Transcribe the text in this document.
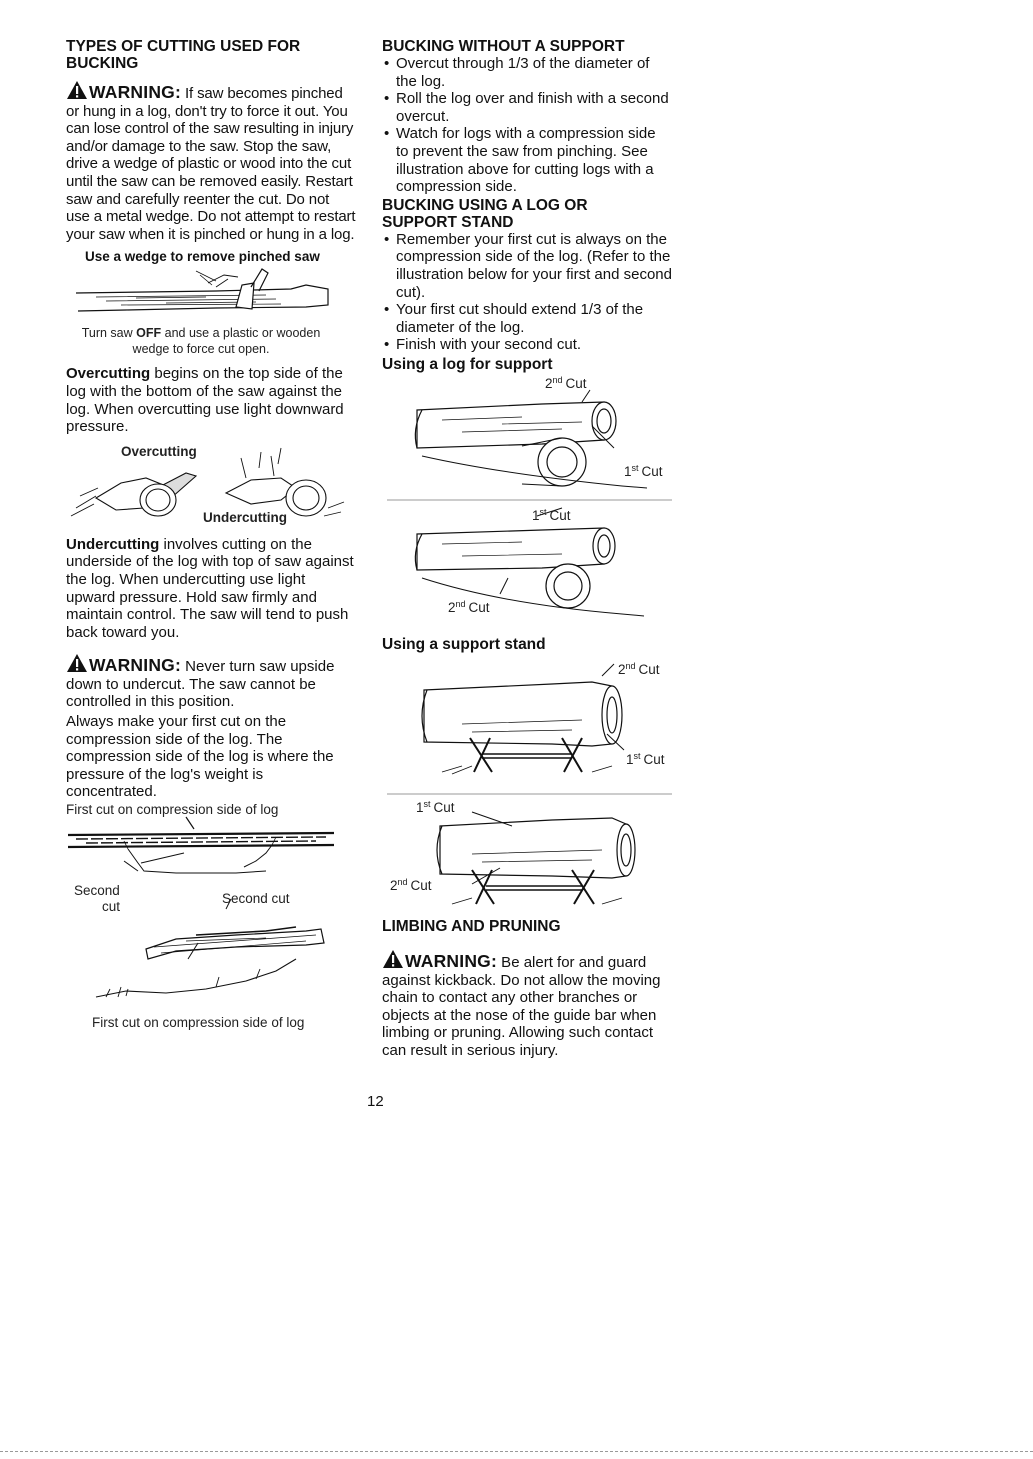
TYPES OF CUTTING USED FOR BUCKING

WARNING: If saw becomes pinched or hung in a log, don't try to force it out. You can lose control of the saw resulting in injury and/or damage to the saw. Stop the saw, drive a wedge of plastic or wood into the cut until the saw can be removed easily. Restart saw and carefully reenter the cut. Do not use a metal wedge. Do not attempt to restart your saw when it is pinched or hung in a log.

Use a wedge to remove pinched saw

Turn saw OFF and use a plastic or wooden wedge to force cut open.

Overcutting begins on the top side of the log with the bottom of the saw against the log. When overcutting use light downward pressure.

Overcutting
Undercutting

Undercutting involves cutting on the underside of the log with top of saw against the log. When undercutting use light upward pressure. Hold saw firmly and maintain control. The saw will tend to push back toward you.

WARNING: Never turn saw upside down to undercut. The saw cannot be controlled in this position.

Always make your first cut on the compression side of the log. The compression side of the log is where the pressure of the log's weight is concentrated.

First cut on compression side of log
Second
cut
Second cut
First cut on compression side of log

BUCKING WITHOUT A SUPPORT

• Overcut through 1/3 of the diameter of the log.
• Roll the log over and finish with a second overcut.
• Watch for logs with a compression side to prevent the saw from pinching. See illustration above for cutting logs with a compression side.

BUCKING USING A LOG OR SUPPORT STAND

• Remember your first cut is always on the compression side of the log. (Refer to the illustration below for your first and second cut).
• Your first cut should extend 1/3 of the diameter of the log.
• Finish with your second cut.

Using a log for support

2nd Cut
1st Cut
1st Cut
2nd Cut

Using a support stand

2nd Cut
1st Cut
1st Cut
2nd Cut

LIMBING AND PRUNING

WARNING: Be alert for and guard against kickback. Do not allow the moving chain to contact any other branches or objects at the nose of the guide bar when limbing or pruning. Allowing such contact can result in serious injury.

12
